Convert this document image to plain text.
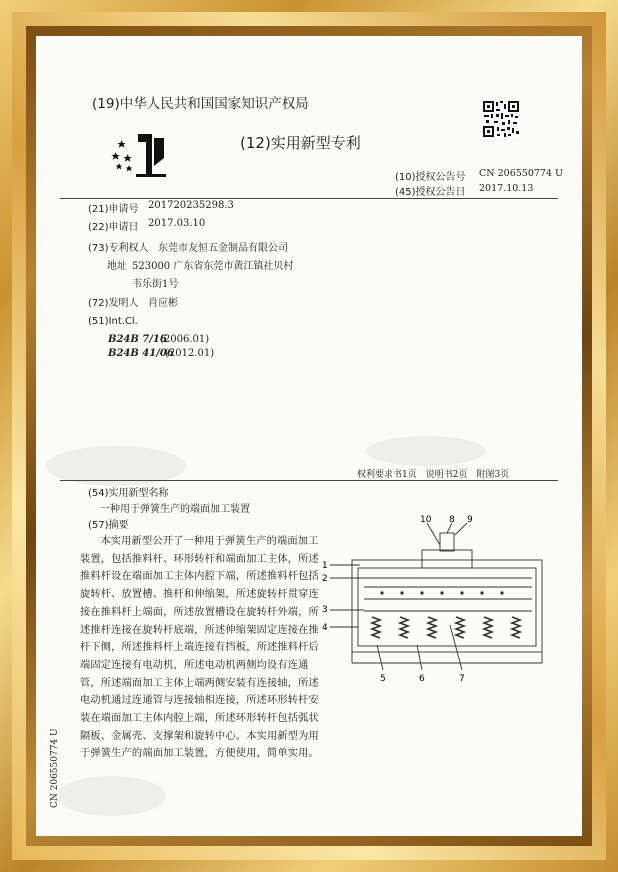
(19)中华人民共和国国家知识产权局
(12)实用新型专利
(10)授权公告号 CN 206550774 U
(45)授权公告日 2017.10.13
(21)申请号 201720235298.3
(22)申请日 2017.03.10
(73)专利权人 东莞市友恒五金制品有限公司
地址 523000 广东省东莞市黄江镇社贝村
韦乐街1号
(72)发明人 肖应彬
(51)Int.Cl.
B24B 7/16
(2006.01)
B24B 41/06
(2012.01)
权利要求书1页　说明书2页　附图3页
(54)实用新型名称
一种用于弹簧生产的端面加工装置
(57)摘要
本实用新型公开了一种用于弹簧生产的端面加工装置，包括推料杆、环形转杆和端面加工主体，所述推料杆设在端面加工主体内腔下端，所述推料杆包括旋转杆、放置槽、推杆和伸缩架，所述旋转杆贯穿连接在推料杆上端面，所述放置槽设在旋转杆外端，所述推杆连接在旋转杆底端，所述伸缩架固定连接在推杆下侧，所述推料杆上端连接有挡板，所述推料杆后端固定连接有电动机，所述电动机两侧均设有连通管，所述端面加工主体上端两侧安装有连接轴，所述电动机通过连通管与连接轴相连接，所述环形转杆安装在端面加工主体内腔上端，所述环形转杆包括弧状隔板、金属壳、支撑架和旋转中心。本实用新型为用于弹簧生产的端面加工装置，方便使用，简单实用。
CN 206550774 U
1
2
3
4
5	6	7
8 9
10
